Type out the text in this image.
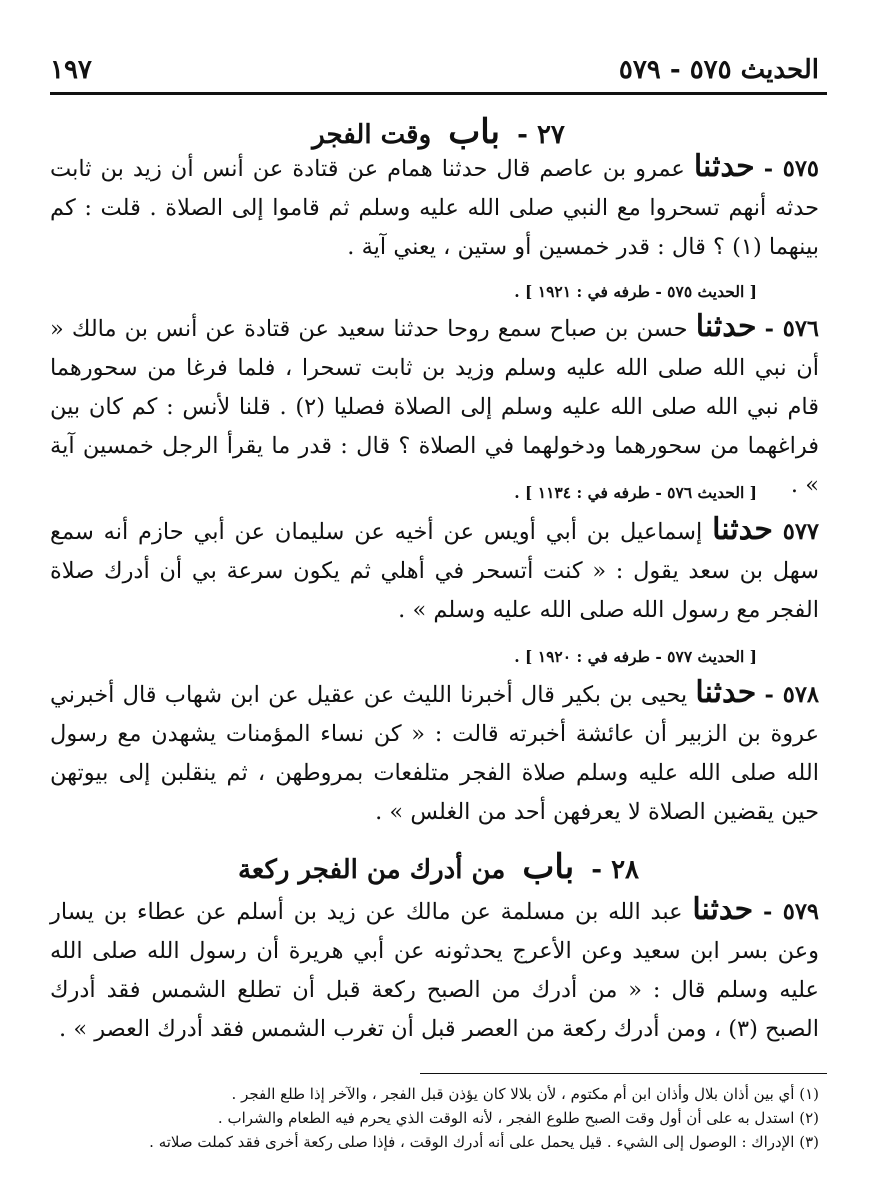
الحديث ٥٧٥ - ٥٧٩
١٩٧
٢٧ - باب وقت الفجر
٥٧٥ - حدثنا عمرو بن عاصم قال حدثنا همام عن قتادة عن أنس أن زيد بن ثابت حدثه أنهم تسحروا مع النبي صلى الله عليه وسلم ثم قاموا إلى الصلاة . قلت : كم بينهما (١) ؟ قال : قدر خمسين أو ستين ، يعني آية .
[ الحديث ٥٧٥ - طرفه في : ١٩٢١ ] .
٥٧٦ - حدثنا حسن بن صباح سمع روحا حدثنا سعيد عن قتادة عن أنس بن مالك « أن نبي الله صلى الله عليه وسلم وزيد بن ثابت تسحرا ، فلما فرغا من سحورهما قام نبي الله صلى الله عليه وسلم إلى الصلاة فصليا (٢) . قلنا لأنس : كم كان بين فراغهما من سحورهما ودخولهما في الصلاة ؟ قال : قدر ما يقرأ الرجل خمسين آية » .
[ الحديث ٥٧٦ - طرفه في : ١١٣٤ ] .
٥٧٧ حدثنا إسماعيل بن أبي أويس عن أخيه عن سليمان عن أبي حازم أنه سمع سهل بن سعد يقول : « كنت أتسحر في أهلي ثم يكون سرعة بي أن أدرك صلاة الفجر مع رسول الله صلى الله عليه وسلم » .
[ الحديث ٥٧٧ - طرفه في : ١٩٢٠ ] .
٥٧٨ - حدثنا يحيى بن بكير قال أخبرنا الليث عن عقيل عن ابن شهاب قال أخبرني عروة بن الزبير أن عائشة أخبرته قالت : « كن نساء المؤمنات يشهدن مع رسول الله صلى الله عليه وسلم صلاة الفجر متلفعات بمروطهن ، ثم ينقلبن إلى بيوتهن حين يقضين الصلاة لا يعرفهن أحد من الغلس » .
٢٨ - باب من أدرك من الفجر ركعة
٥٧٩ - حدثنا عبد الله بن مسلمة عن مالك عن زيد بن أسلم عن عطاء بن يسار وعن بسر ابن سعيد وعن الأعرج يحدثونه عن أبي هريرة أن رسول الله صلى الله عليه وسلم قال : « من أدرك من الصبح ركعة قبل أن تطلع الشمس فقد أدرك الصبح (٣) ، ومن أدرك ركعة من العصر قبل أن تغرب الشمس فقد أدرك العصر » .

(١) أي بين أذان بلال وأذان ابن أم مكتوم ، لأن بلالا كان يؤذن قبل الفجر ، والآخر إذا طلع الفجر .

(٢) استدل به على أن أول وقت الصبح طلوع الفجر ، لأنه الوقت الذي يحرم فيه الطعام والشراب .

(٣) الإدراك : الوصول إلى الشيء . قيل يحمل على أنه أدرك الوقت ، فإذا صلى ركعة أخرى فقد كملت صلاته .
